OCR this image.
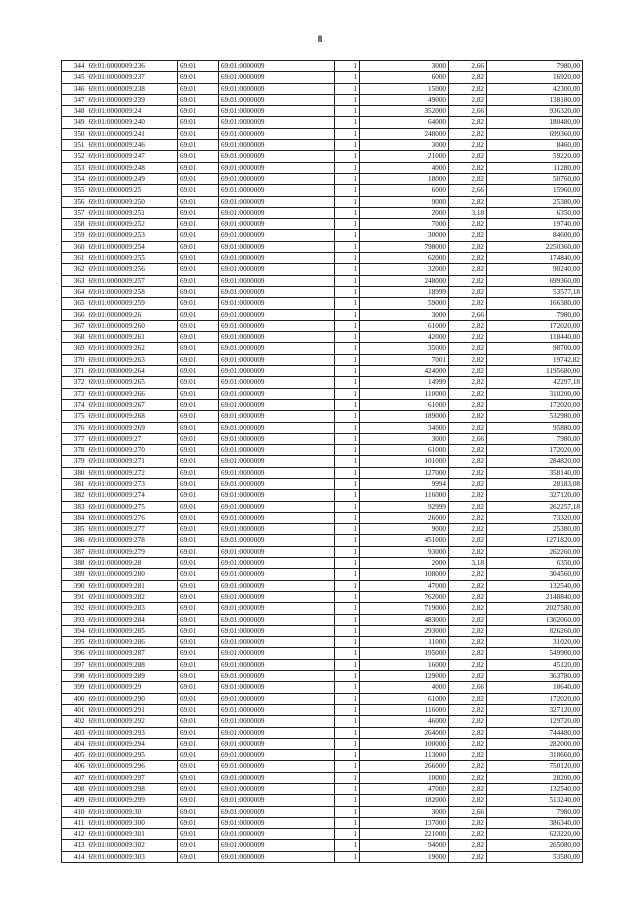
8
344	69:01:0000009:236	69:01	69:01:0000009	1	3000	2,66	7980,00
345	69:01:0000009:237	69:01	69:01:0000009	1	6000	2,82	16920,00
346	69:01:0000009:238	69:01	69:01:0000009	1	15000	2,82	42300,00
347	69:01:0000009:239	69:01	69:01:0000009	1	49000	2,82	138180,00
348	69:01:0000009:24	69:01	69:01:0000009	1	352000	2,66	936320,00
349	69:01:0000009:240	69:01	69:01:0000009	1	64000	2,82	180480,00
350	69:01:0000009:241	69:01	69:01:0000009	1	248000	2,82	699360,00
351	69:01:0000009:246	69:01	69:01:0000009	1	3000	2,82	8460,00
352	69:01:0000009:247	69:01	69:01:0000009	1	21000	2,82	59220,00
353	69:01:0000009:248	69:01	69:01:0000009	1	4000	2,82	11280,00
354	69:01:0000009:249	69:01	69:01:0000009	1	18000	2,82	50760,00
355	69:01:0000009:25	69:01	69:01:0000009	1	6000	2,66	15960,00
356	69:01:0000009:250	69:01	69:01:0000009	1	9000	2,82	25380,00
357	69:01:0000009:251	69:01	69:01:0000009	1	2000	3,18	6350,00
358	69:01:0000009:252	69:01	69:01:0000009	1	7000	2,82	19740,00
359	69:01:0000009:253	69:01	69:01:0000009	1	30000	2,82	84600,00
360	69:01:0000009:254	69:01	69:01:0000009	1	798000	2,82	2250360,00
361	69:01:0000009:255	69:01	69:01:0000009	1	62000	2,82	174840,00
362	69:01:0000009:256	69:01	69:01:0000009	1	32000	2,82	90240,00
363	69:01:0000009:257	69:01	69:01:0000009	1	248000	2,82	699360,00
364	69:01:0000009:258	69:01	69:01:0000009	1	18999	2,82	53577,18
365	69:01:0000009:259	69:01	69:01:0000009	1	59000	2,82	166380,00
366	69:01:0000009:26	69:01	69:01:0000009	1	3000	2,66	7980,00
367	69:01:0000009:260	69:01	69:01:0000009	1	61000	2,82	172020,00
368	69:01:0000009:261	69:01	69:01:0000009	1	42000	2,82	118440,00
369	69:01:0000009:262	69:01	69:01:0000009	1	35000	2,82	98700,00
370	69:01:0000009:263	69:01	69:01:0000009	1	7001	2,82	19742,82
371	69:01:0000009:264	69:01	69:01:0000009	1	424000	2,82	1195680,00
372	69:01:0000009:265	69:01	69:01:0000009	1	14999	2,82	42297,18
373	69:01:0000009:266	69:01	69:01:0000009	1	110000	2,82	310200,00
374	69:01:0000009:267	69:01	69:01:0000009	1	61000	2,82	172020,00
375	69:01:0000009:268	69:01	69:01:0000009	1	189000	2,82	532980,00
376	69:01:0000009:269	69:01	69:01:0000009	1	34000	2,82	95880,00
377	69:01:0000009:27	69:01	69:01:0000009	1	3000	2,66	7980,00
378	69:01:0000009:270	69:01	69:01:0000009	1	61000	2,82	172020,00
379	69:01:0000009:271	69:01	69:01:0000009	1	101000	2,82	284820,00
380	69:01:0000009:272	69:01	69:01:0000009	1	127000	2,82	358140,00
381	69:01:0000009:273	69:01	69:01:0000009	1	9994	2,82	28183,08
382	69:01:0000009:274	69:01	69:01:0000009	1	116000	2,82	327120,00
383	69:01:0000009:275	69:01	69:01:0000009	1	92999	2,82	262257,18
384	69:01:0000009:276	69:01	69:01:0000009	1	26000	2,82	73320,00
385	69:01:0000009:277	69:01	69:01:0000009	1	9000	2,82	25380,00
386	69:01:0000009:278	69:01	69:01:0000009	1	451000	2,82	1271820,00
387	69:01:0000009:279	69:01	69:01:0000009	1	93000	2,82	262260,00
388	69:01:0000009:28	69:01	69:01:0000009	1	2000	3,18	6350,00
389	69:01:0000009:280	69:01	69:01:0000009	1	108000	2,82	304560,00
390	69:01:0000009:281	69:01	69:01:0000009	1	47000	2,82	132540,00
391	69:01:0000009:282	69:01	69:01:0000009	1	762000	2,82	2148840,00
392	69:01:0000009:283	69:01	69:01:0000009	1	719000	2,82	2027580,00
393	69:01:0000009:284	69:01	69:01:0000009	1	483000	2,82	1362060,00
394	69:01:0000009:285	69:01	69:01:0000009	1	293000	2,82	826260,00
395	69:01:0000009:286	69:01	69:01:0000009	1	11000	2,82	31020,00
396	69:01:0000009:287	69:01	69:01:0000009	1	195000	2,82	549900,00
397	69:01:0000009:288	69:01	69:01:0000009	1	16000	2,82	45120,00
398	69:01:0000009:289	69:01	69:01:0000009	1	129000	2,82	363780,00
399	69:01:0000009:29	69:01	69:01:0000009	1	4000	2,66	10640,00
400	69:01:0000009:290	69:01	69:01:0000009	1	61000	2,82	172020,00
401	69:01:0000009:291	69:01	69:01:0000009	1	116000	2,82	327120,00
402	69:01:0000009:292	69:01	69:01:0000009	1	46000	2,82	129720,00
403	69:01:0000009:293	69:01	69:01:0000009	1	264000	2,82	744480,00
404	69:01:0000009:294	69:01	69:01:0000009	1	100000	2,82	282000,00
405	69:01:0000009:295	69:01	69:01:0000009	1	113000	2,82	318660,00
406	69:01:0000009:296	69:01	69:01:0000009	1	266000	2,82	750120,00
407	69:01:0000009:297	69:01	69:01:0000009	1	10000	2,82	28200,00
408	69:01:0000009:298	69:01	69:01:0000009	1	47000	2,82	132540,00
409	69:01:0000009:299	69:01	69:01:0000009	1	182000	2,82	513240,00
410	69:01:0000009:30	69:01	69:01:0000009	1	3000	2,66	7980,00
411	69:01:0000009:300	69:01	69:01:0000009	1	137000	2,82	386340,00
412	69:01:0000009:301	69:01	69:01:0000009	1	221000	2,82	623220,00
413	69:01:0000009:302	69:01	69:01:0000009	1	94000	2,82	265080,00
414	69:01:0000009:303	69:01	69:01:0000009	1	19000	2,82	53580,00
